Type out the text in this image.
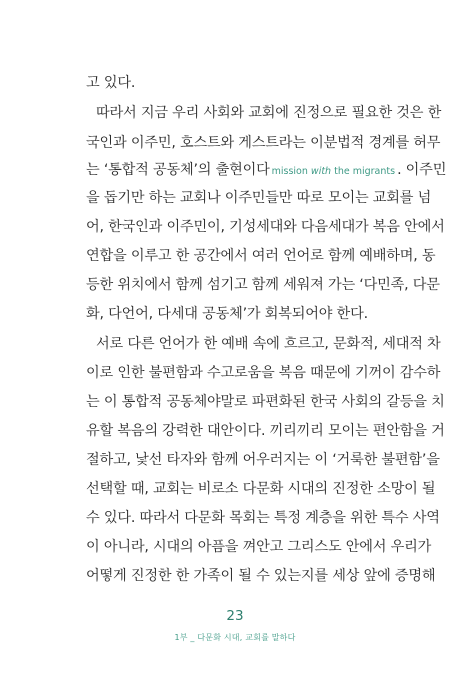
고 있다.
따라서 지금 우리 사회와 교회에 진정으로 필요한 것은 한
국인과 이주민, 호스트와 게스트라는 이분법적 경계를 허무
는 ‘통합적 공동체’의 출현이다 mission with the migrants . 이주민
을 돕기만 하는 교회나 이주민들만 따로 모이는 교회를 넘
어, 한국인과 이주민이, 기성세대와 다음세대가 복음 안에서
연합을 이루고 한 공간에서 여러 언어로 함께 예배하며, 동
등한 위치에서 함께 섬기고 함께 세워져 가는 ‘다민족, 다문
화, 다언어, 다세대 공동체’가 회복되어야 한다.
서로 다른 언어가 한 예배 속에 흐르고, 문화적, 세대적 차
이로 인한 불편함과 수고로움을 복음 때문에 기꺼이 감수하
는 이 통합적 공동체야말로 파편화된 한국 사회의 갈등을 치
유할 복음의 강력한 대안이다. 끼리끼리 모이는 편안함을 거
절하고, 낯선 타자와 함께 어우러지는 이 ‘거룩한 불편함’을
선택할 때, 교회는 비로소 다문화 시대의 진정한 소망이 될
수 있다. 따라서 다문화 목회는 특정 계층을 위한 특수 사역
이 아니라, 시대의 아픔을 껴안고 그리스도 안에서 우리가
어떻게 진정한 한 가족이 될 수 있는지를 세상 앞에 증명해
23
1부 _ 다문화 시대, 교회를 말하다
